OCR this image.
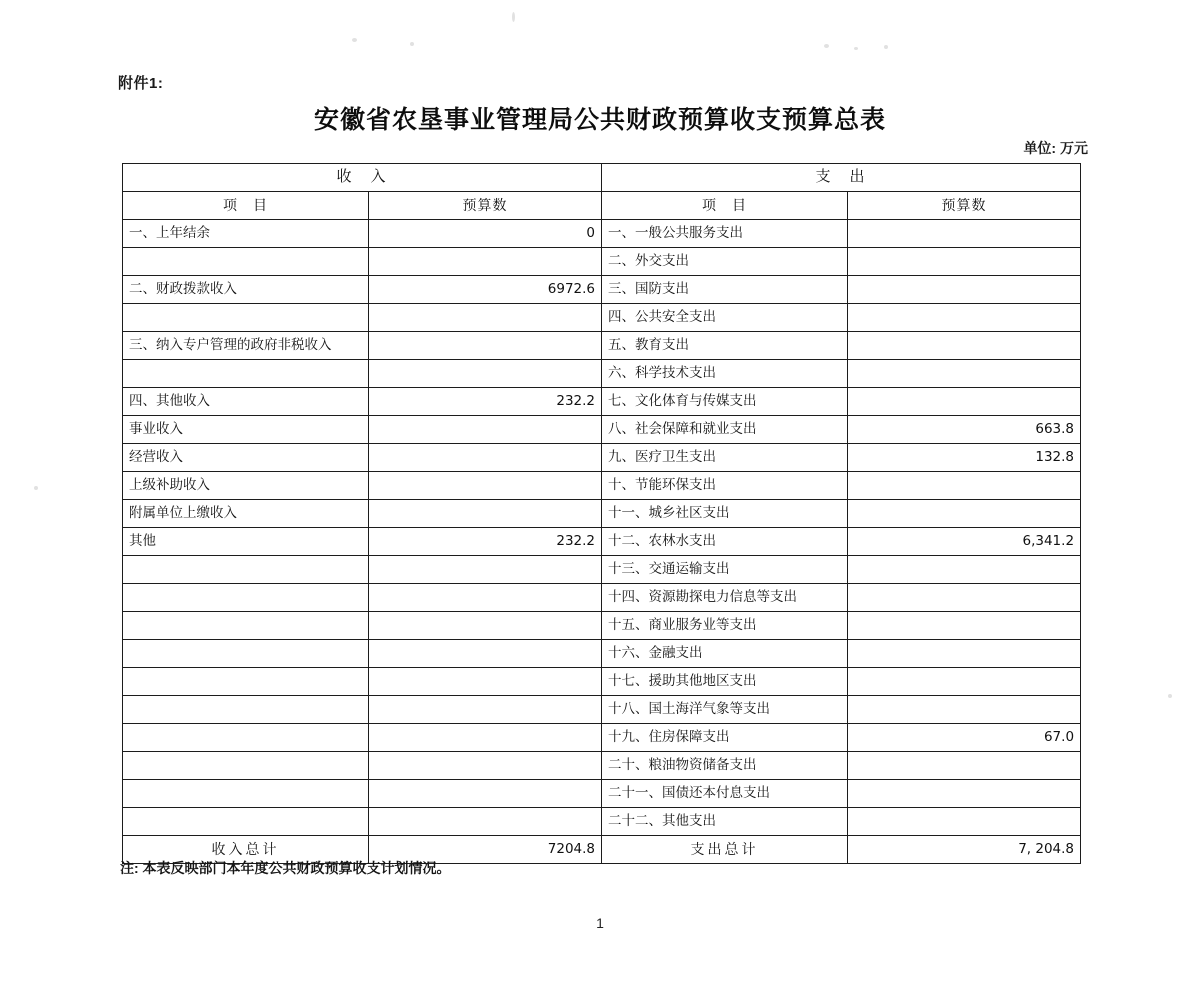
附件1:
安徽省农垦事业管理局公共财政预算收支预算总表
单位: 万元
收　入		支　出	
项　目	预算数	项　目	预算数
一、上年结余	0	一、一般公共服务支出	
		二、外交支出	
二、财政拨款收入	6972.6	三、国防支出	
		四、公共安全支出	
三、纳入专户管理的政府非税收入		五、教育支出	
		六、科学技术支出	
四、其他收入	232.2	七、文化体育与传媒支出	
事业收入		八、社会保障和就业支出	663.8
经营收入		九、医疗卫生支出	132.8
上级补助收入		十、节能环保支出	
附属单位上缴收入		十一、城乡社区支出	
其他	232.2	十二、农林水支出	6,341.2
		十三、交通运输支出	
		十四、资源勘探电力信息等支出	
		十五、商业服务业等支出	
		十六、金融支出	
		十七、援助其他地区支出	
		十八、国土海洋气象等支出	
		十九、住房保障支出	67.0
		二十、粮油物资储备支出	
		二十一、国债还本付息支出	
		二十二、其他支出	
收入总计	7204.8	支出总计	7, 204.8
注: 本表反映部门本年度公共财政预算收支计划情况。
1
